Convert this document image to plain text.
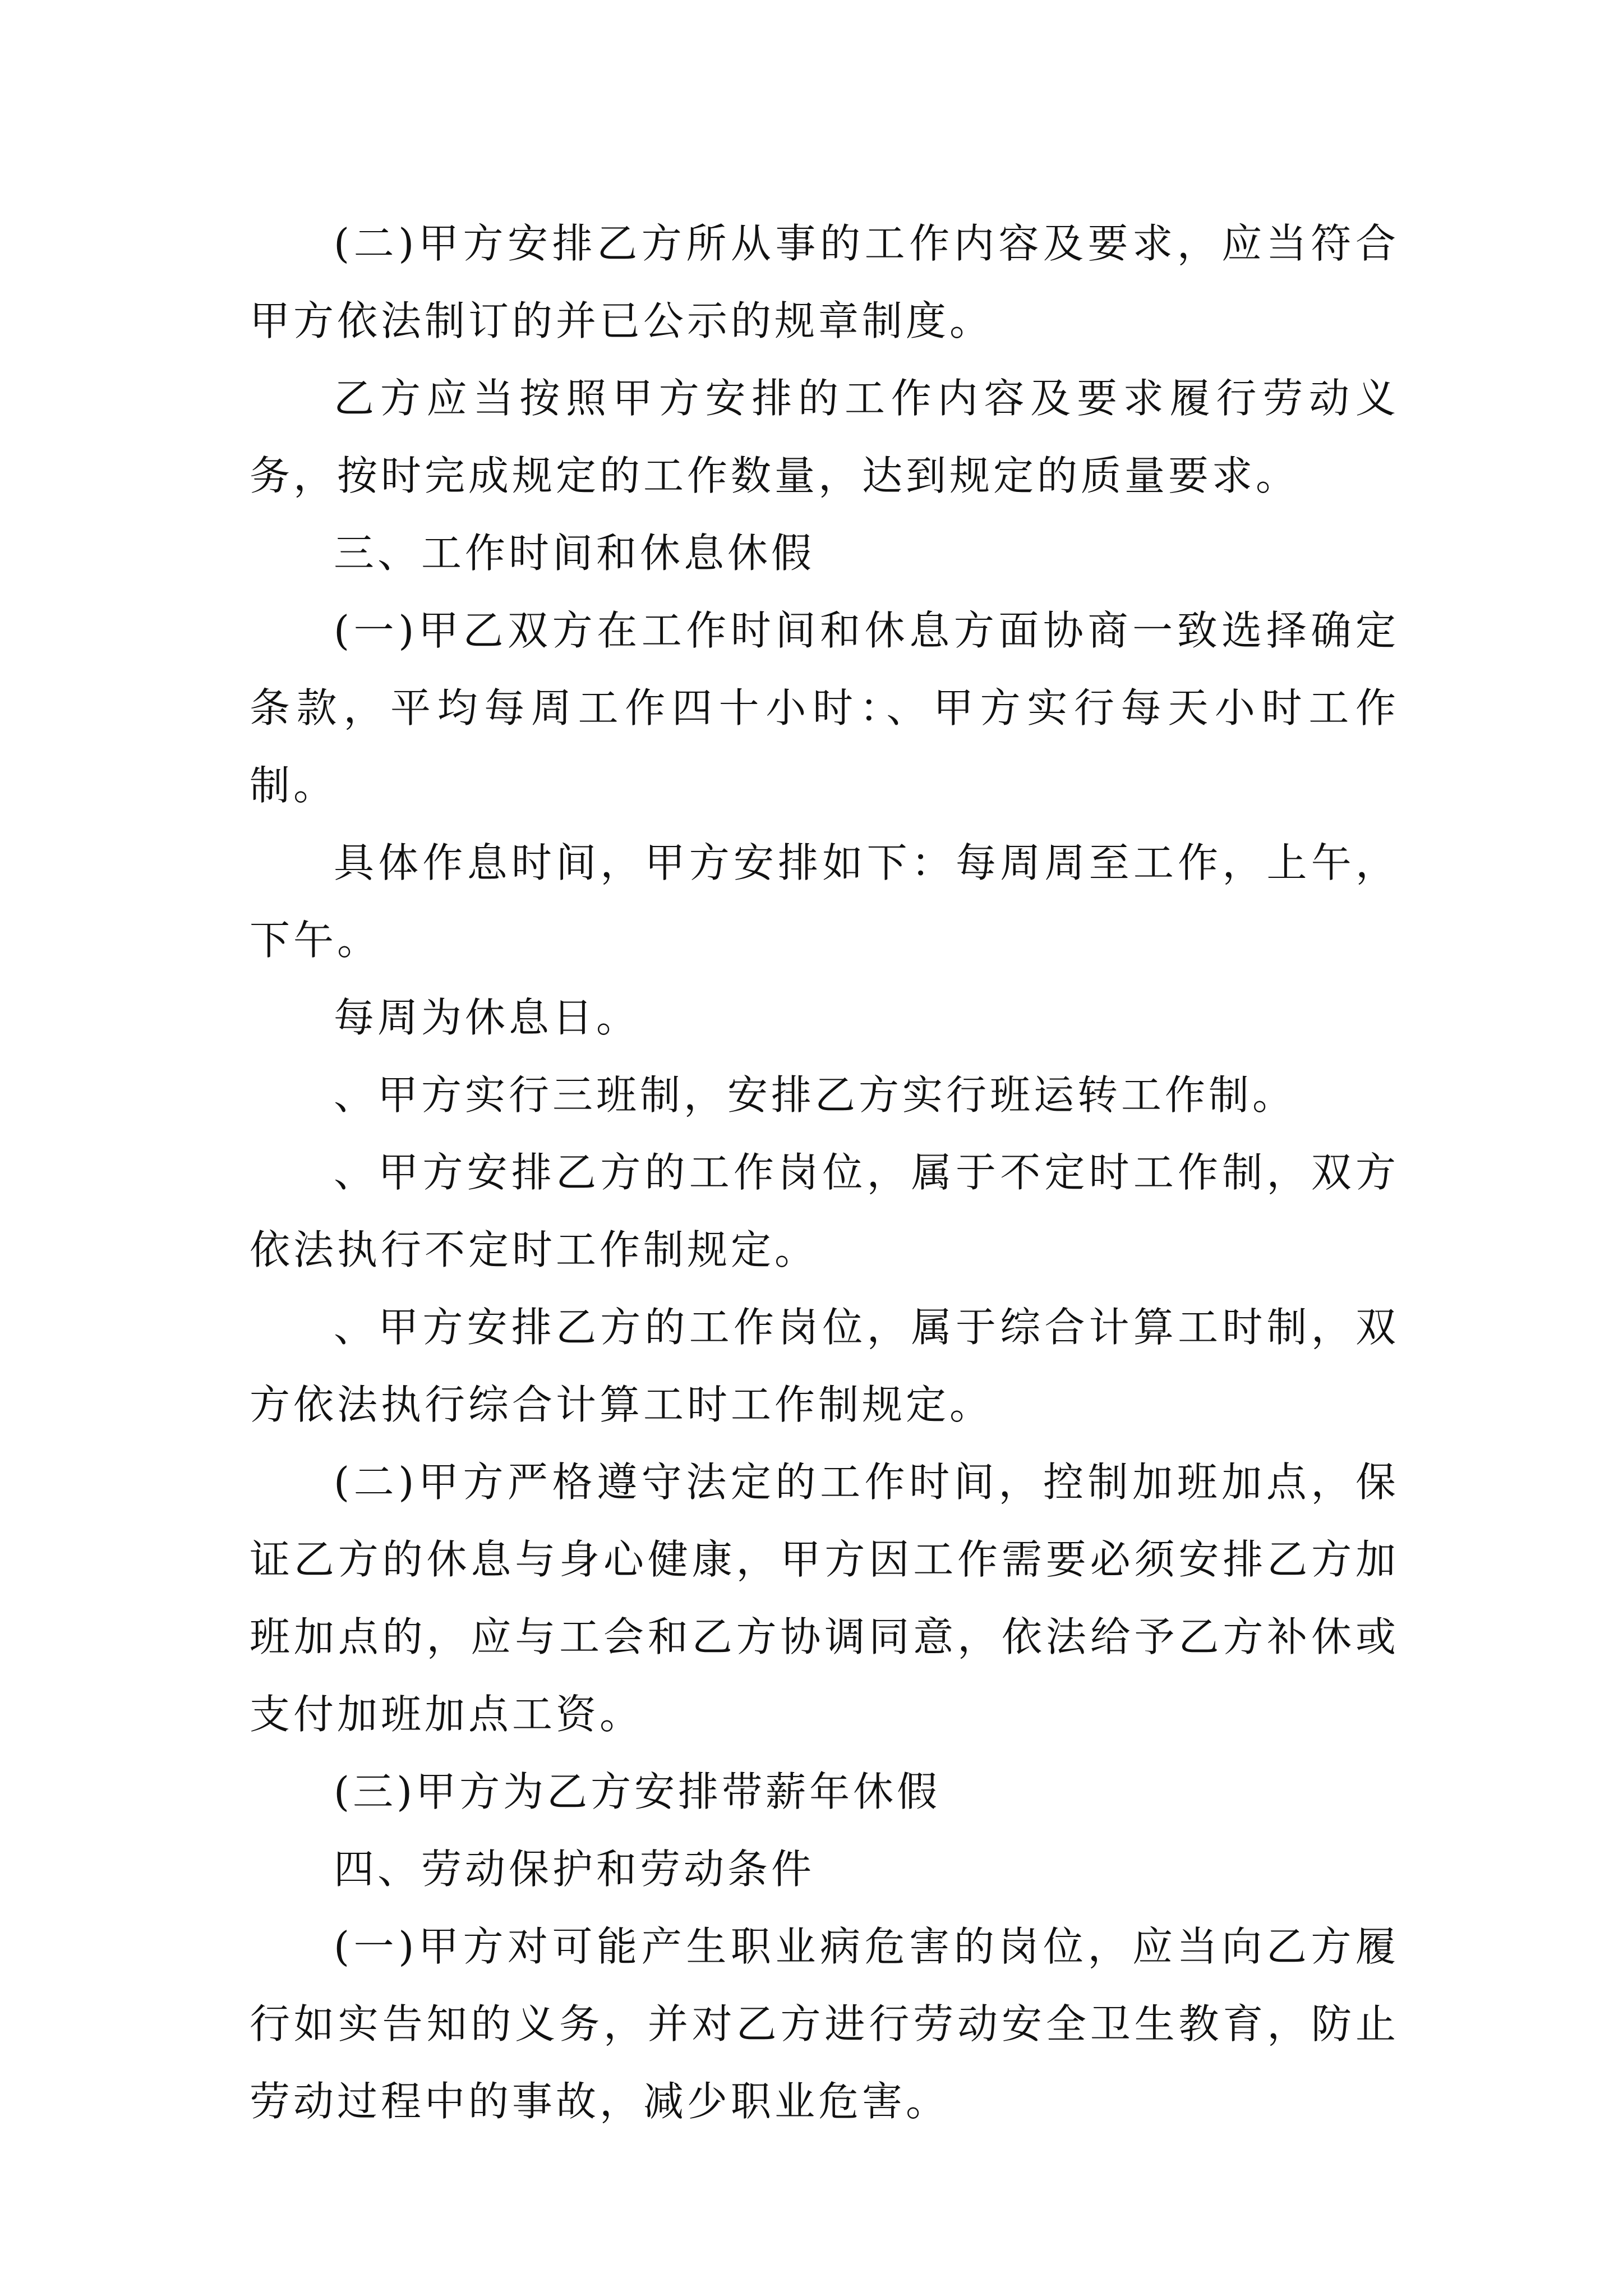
(二)甲方安排乙方所从事的工作内容及要求，应当符合甲方依法制订的并已公示的规章制度。

乙方应当按照甲方安排的工作内容及要求履行劳动义务，按时完成规定的工作数量，达到规定的质量要求。

三、工作时间和休息休假

(一)甲乙双方在工作时间和休息方面协商一致选择确定条款，平均每周工作四十小时：、甲方实行每天小时工作制。

具体作息时间，甲方安排如下：每周周至工作，上午，下午。

每周为休息日。

、甲方实行三班制，安排乙方实行班运转工作制。

、甲方安排乙方的工作岗位，属于不定时工作制，双方依法执行不定时工作制规定。

、甲方安排乙方的工作岗位，属于综合计算工时制，双方依法执行综合计算工时工作制规定。

(二)甲方严格遵守法定的工作时间，控制加班加点，保证乙方的休息与身心健康，甲方因工作需要必须安排乙方加班加点的，应与工会和乙方协调同意，依法给予乙方补休或支付加班加点工资。

(三)甲方为乙方安排带薪年休假

四、劳动保护和劳动条件

(一)甲方对可能产生职业病危害的岗位，应当向乙方履行如实告知的义务，并对乙方进行劳动安全卫生教育，防止劳动过程中的事故，减少职业危害。
